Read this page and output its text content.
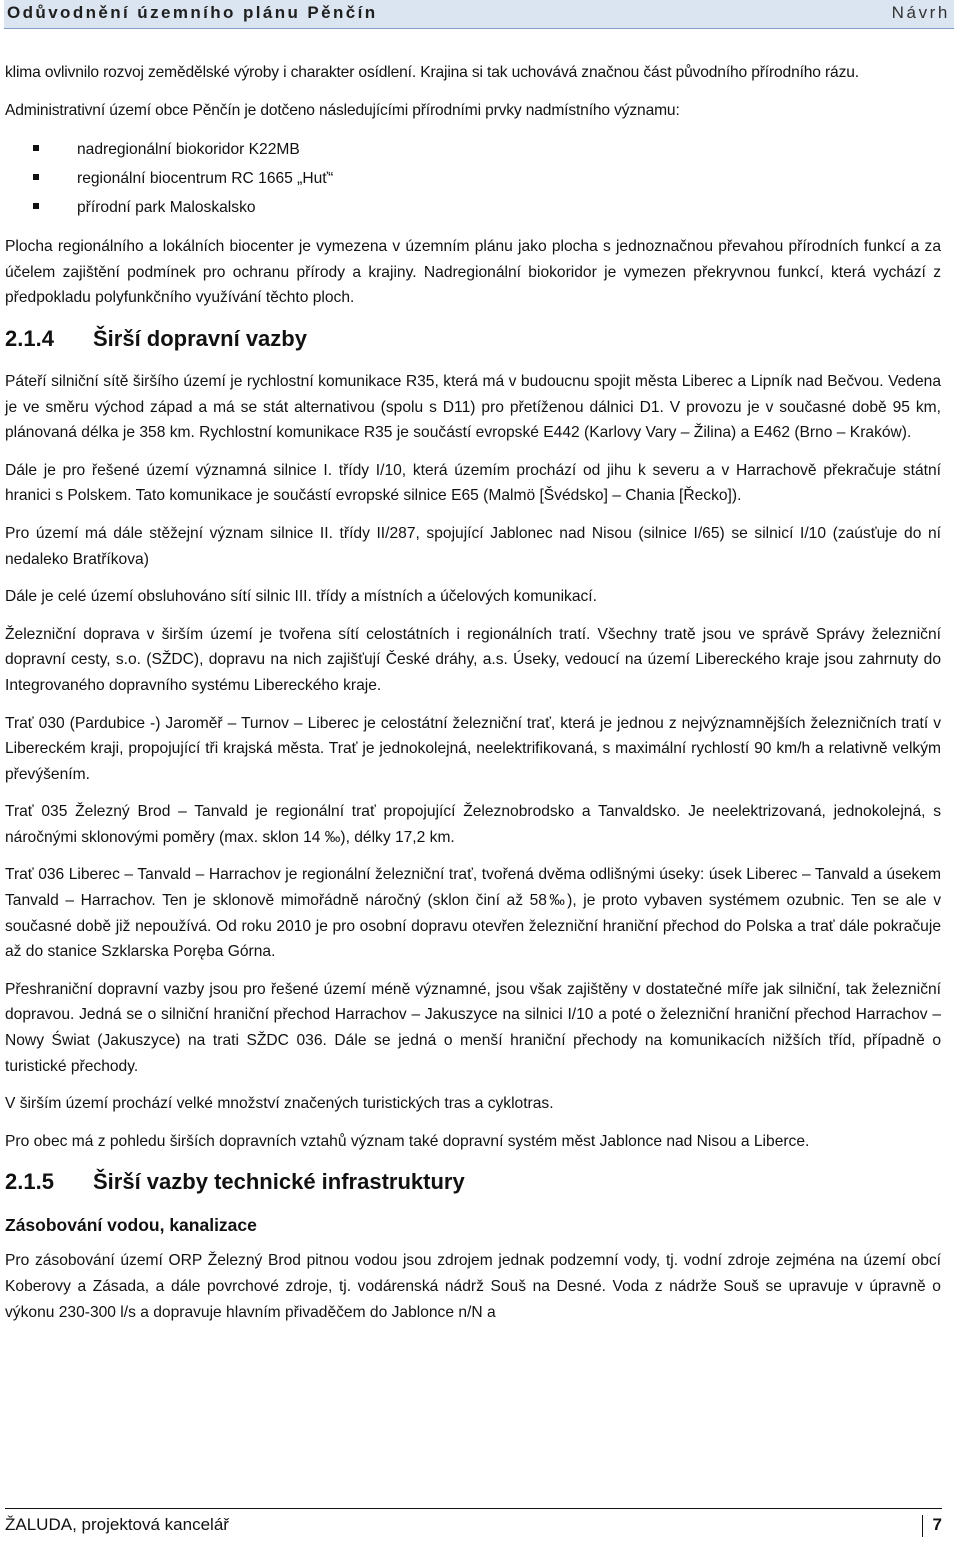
Odůvodnění územního plánu Pěnčín	Návrh

klima ovlivnilo rozvoj zemědělské výroby i charakter osídlení. Krajina si tak uchovává značnou část původního přírodního rázu.

Administrativní území obce Pěnčín je dotčeno následujícími přírodními prvky nadmístního významu:

nadregionální biokoridor K22MB
regionální biocentrum RC 1665 „Huť“
přírodní park Maloskalsko

Plocha regionálního a lokálních biocenter je vymezena v územním plánu jako plocha s jednoznačnou převahou přírodních funkcí a za účelem zajištění podmínek pro ochranu přírody a krajiny. Nadregionální biokoridor je vymezen překryvnou funkcí, která vychází z předpokladu polyfunkčního využívání těchto ploch.

2.1.4 Širší dopravní vazby

Páteří silniční sítě širšího území je rychlostní komunikace R35, která má v budoucnu spojit města Liberec a Lipník nad Bečvou. Vedena je ve směru východ západ a má se stát alternativou (spolu s D11) pro přetíženou dálnici D1. V provozu je v současné době 95 km, plánovaná délka je 358 km. Rychlostní komunikace R35 je součástí evropské E442 (Karlovy Vary – Žilina) a E462 (Brno – Kraków).

Dále je pro řešené území významná silnice I. třídy I/10, která územím prochází od jihu k severu a v Harrachově překračuje státní hranici s Polskem. Tato komunikace je součástí evropské silnice E65 (Malmö [Švédsko] – Chania [Řecko]).

Pro území má dále stěžejní význam silnice II. třídy II/287, spojující Jablonec nad Nisou (silnice I/65) se silnicí I/10 (zaúsťuje do ní nedaleko Bratříkova)

Dále je celé území obsluhováno sítí silnic III. třídy a místních a účelových komunikací.

Železniční doprava v širším území je tvořena sítí celostátních i regionálních tratí. Všechny tratě jsou ve správě Správy železniční dopravní cesty, s.o. (SŽDC), dopravu na nich zajišťují České dráhy, a.s. Úseky, vedoucí na území Libereckého kraje jsou zahrnuty do Integrovaného dopravního systému Libereckého kraje.

Trať 030 (Pardubice -) Jaroměř – Turnov – Liberec je celostátní železniční trať, která je jednou z nejvýznamnějších železničních tratí v Libereckém kraji, propojující tři krajská města. Trať je jednokolejná, neelektrifikovaná, s maximální rychlostí 90 km/h a relativně velkým převýšením.

Trať 035 Železný Brod – Tanvald je regionální trať propojující Železnobrodsko a Tanvaldsko. Je neelektrizovaná, jednokolejná, s náročnými sklonovými poměry (max. sklon 14 ‰), délky 17,2 km.

Trať 036 Liberec – Tanvald – Harrachov je regionální železniční trať, tvořená dvěma odlišnými úseky: úsek Liberec – Tanvald a úsekem Tanvald – Harrachov. Ten je sklonově mimořádně náročný (sklon činí až 58‰), je proto vybaven systémem ozubnic. Ten se ale v současné době již nepoužívá. Od roku 2010 je pro osobní dopravu otevřen železniční hraniční přechod do Polska a trať dále pokračuje až do stanice Szklarska Poręba Górna.

Přeshraniční dopravní vazby jsou pro řešené území méně významné, jsou však zajištěny v dostatečné míře jak silniční, tak železniční dopravou. Jedná se o silniční hraniční přechod Harrachov – Jakuszyce na silnici I/10 a poté o železniční hraniční přechod Harrachov – Nowy Świat (Jakuszyce) na trati SŽDC 036. Dále se jedná o menší hraniční přechody na komunikacích nižších tříd, případně o turistické přechody.

V širším území prochází velké množství značených turistických tras a cyklotras.

Pro obec má z pohledu širších dopravních vztahů význam také dopravní systém měst Jablonce nad Nisou a Liberce.

2.1.5 Širší vazby technické infrastruktury
Zásobování vodou, kanalizace

Pro zásobování území ORP Železný Brod pitnou vodou jsou zdrojem jednak podzemní vody, tj. vodní zdroje zejména na území obcí Koberovy a Zásada, a dále povrchové zdroje, tj. vodárenská nádrž Souš na Desné. Voda z nádrže Souš se upravuje v úpravně o výkonu 230-300 l/s a dopravuje hlavním přivaděčem do Jablonce n/N a

ŽALUDA, projektová kancelář	7
